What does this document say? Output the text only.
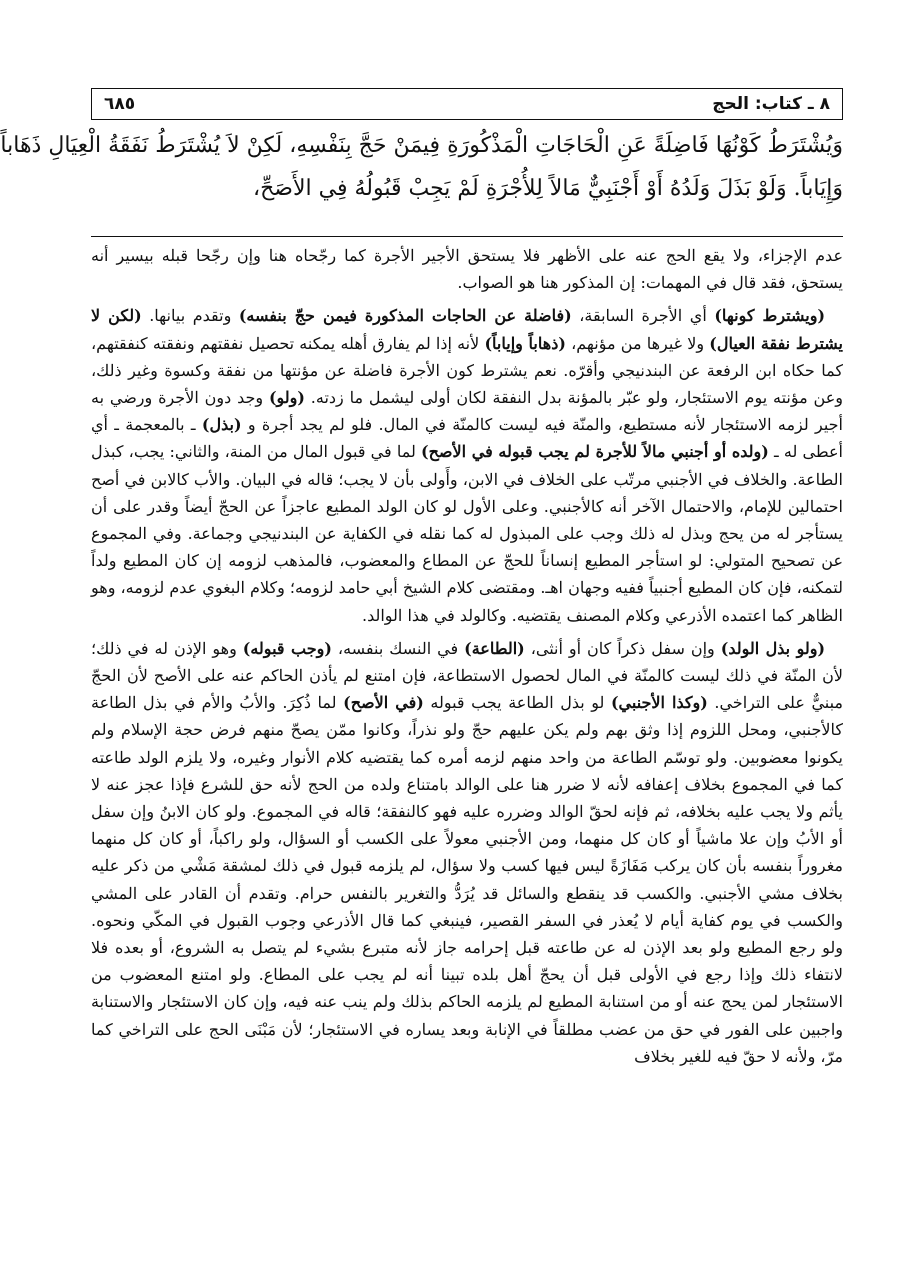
٨ ـ كتاب: الحج
٦٨٥
وَيُشْتَرَطُ كَوْنُهَا فَاضِلَةً عَنِ الْحَاجَاتِ الْمَذْكُورَةِ فِيمَنْ حَجَّ بِنَفْسِهِ، لَكِنْ لاَ يُشْتَرَطُ نَفَقَةُ الْعِيَالِ ذَهَاباً
وَإِيَاباً. وَلَوْ بَذَلَ وَلَدُهُ أَوْ أَجْنَبِيٌّ مَالاً لِلأُجْرَةِ لَمْ يَجِبْ قَبُولُهُ فِي الأَصَحِّ،

عدم الإجزاء، ولا يقع الحج عنه على الأظهر فلا يستحق الأجير الأجرة كما رجّحاه هنا وإن رجّحا قبله بيسير أنه يستحق، فقد قال في المهمات: إن المذكور هنا هو الصواب.

(ويشترط كونها) أي الأجرة السابقة، (فاضلة عن الحاجات المذكورة فيمن حجّ بنفسه) وتقدم بيانها. (لكن لا يشترط نفقة العيال) ولا غيرها من مؤنهم، (ذهاباً وإياباً) لأنه إذا لم يفارق أهله يمكنه تحصيل نفقتهم ونفقته كنفقتهم، كما حكاه ابن الرفعة عن البندنيجي وأقرّه. نعم يشترط كون الأجرة فاضلة عن مؤنتها من نفقة وكسوة وغير ذلك، وعن مؤنته يوم الاستئجار، ولو عبّر بالمؤنة بدل النفقة لكان أولى ليشمل ما زدته. (ولو) وجد دون الأجرة ورضي به أجير لزمه الاستئجار لأنه مستطيع، والمنّة فيه ليست كالمنّة في المال. فلو لم يجد أجرة و (بذل) ـ بالمعجمة ـ أي أعطى له ـ (ولده أو أجنبي مالاً للأجرة لم يجب قبوله في الأصح) لما في قبول المال من المنة، والثاني: يجب، كبذل الطاعة. والخلاف في الأجنبي مرتّب على الخلاف في الابن، وأَولى بأن لا يجب؛ قاله في البيان. والأب كالابن في أصح احتمالين للإمام، والاحتمال الآخر أنه كالأجنبي. وعلى الأول لو كان الولد المطيع عاجزاً عن الحجّ أيضاً وقدر على أن يستأجر له من يحج وبذل له ذلك وجب على المبذول له كما نقله في الكفاية عن البندنيجي وجماعة. وفي المجموع عن تصحيح المتولي: لو استأجر المطيع إنساناً للحجّ عن المطاع والمعضوب، فالمذهب لزومه إن كان المطيع ولداً لتمكنه، فإن كان المطيع أجنبياً ففيه وجهان اهـ. ومقتضى كلام الشيخ أبي حامد لزومه؛ وكلام البغوي عدم لزومه، وهو الظاهر كما اعتمده الأذرعي وكلام المصنف يقتضيه. وكالولد في هذا الوالد.

(ولو بذل الولد) وإن سفل ذكراً كان أو أنثى، (الطاعة) في النسك بنفسه، (وجب قبوله) وهو الإذن له في ذلك؛ لأن المنّة في ذلك ليست كالمنّة في المال لحصول الاستطاعة، فإن امتنع لم يأذن الحاكم عنه على الأصح لأن الحجّ مبنيٌّ على التراخي. (وكذا الأجنبي) لو بذل الطاعة يجب قبوله (في الأصح) لما ذُكِرَ. والأبُ والأم في بذل الطاعة كالأجنبي، ومحل اللزوم إذا وثق بهم ولم يكن عليهم حجّ ولو نذراً، وكانوا ممّن يصحّ منهم فرض حجة الإسلام ولم يكونوا معضوبين. ولو توسّم الطاعة من واحد منهم لزمه أمره كما يقتضيه كلام الأنوار وغيره، ولا يلزم الولد طاعته كما في المجموع بخلاف إعفافه لأنه لا ضرر هنا على الوالد بامتناع ولده من الحج لأنه حق للشرع فإذا عجز عنه لا يأثم ولا يجب عليه بخلافه، ثم فإنه لحقّ الوالد وضرره عليه فهو كالنفقة؛ قاله في المجموع. ولو كان الابنُ وإن سفل أو الأبُ وإن علا ماشياً أو كان كل منهما، ومن الأجنبي معولاً على الكسب أو السؤال، ولو راكباً، أو كان كل منهما مغروراً بنفسه بأن كان يركب مَفَازَةً ليس فيها كسب ولا سؤال، لم يلزمه قبول في ذلك لمشقة مَشْي من ذكر عليه بخلاف مشي الأجنبي. والكسب قد ينقطع والسائل قد يُرَدُّ والتغرير بالنفس حرام. وتقدم أن القادر على المشي والكسب في يوم كفاية أيام لا يُعذر في السفر القصير، فينبغي كما قال الأذرعي وجوب القبول في المكّي ونحوه. ولو رجع المطيع ولو بعد الإذن له عن طاعته قبل إحرامه جاز لأنه متبرع بشيء لم يتصل به الشروع، أو بعده فلا لانتفاء ذلك وإذا رجع في الأولى قبل أن يحجّ أهل بلده تبينا أنه لم يجب على المطاع. ولو امتنع المعضوب من الاستئجار لمن يحج عنه أو من استنابة المطيع لم يلزمه الحاكم بذلك ولم ينب عنه فيه، وإن كان الاستئجار والاستنابة واجبين على الفور في حق من عضب مطلقاً في الإنابة وبعد يساره في الاستئجار؛ لأن مَبْنَى الحج على التراخي كما مرّ، ولأنه لا حقّ فيه للغير بخلاف
